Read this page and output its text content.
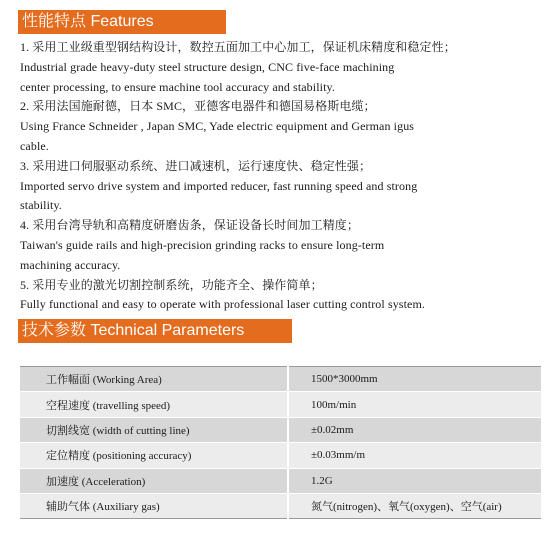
性能特点 Features
1. 采用工业级重型钢结构设计，数控五面加工中心加工，保证机床精度和稳定性；
Industrial grade heavy-duty steel structure design, CNC five-face machining
center processing, to ensure machine tool accuracy and stability.
2. 采用法国施耐德，日本 SMC，亚德客电器件和德国易格斯电缆；
Using France Schneider , Japan SMC, Yade electric equipment and German igus
cable.
3. 采用进口伺服驱动系统、进口减速机，运行速度快、稳定性强；
Imported servo drive system and imported reducer, fast running speed and strong
stability.
4. 采用台湾导轨和高精度研磨齿条，保证设备长时间加工精度；
Taiwan's guide rails and high-precision grinding racks to ensure long-term
machining accuracy.
5. 采用专业的激光切割控制系统，功能齐全、操作简单；
Fully functional and easy to operate with professional laser cutting control system.
技术参数 Technical Parameters
工作幅面 (Working Area)	1500*3000mm
空程速度 (travelling speed)	100m/min
切割线宽 (width of cutting line)	±0.02mm
定位精度 (positioning accuracy)	±0.03mm/m
加速度 (Acceleration)	1.2G
辅助气体 (Auxiliary gas)	氮气(nitrogen)、氧气(oxygen)、空气(air)
